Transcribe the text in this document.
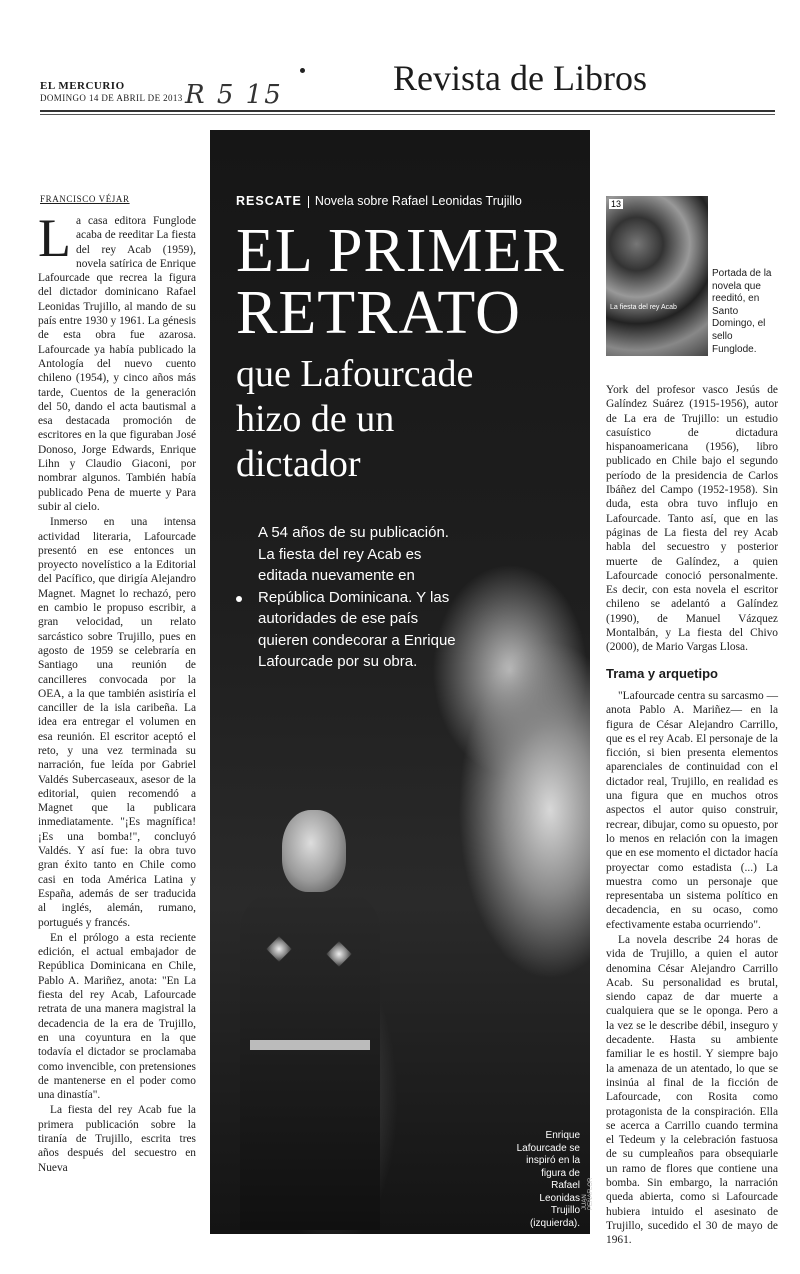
EL MERCURIO
DOMINGO 14 DE ABRIL DE 2013 R 5 15	Revista de Libros
FRANCISCO VÉJAR

La casa editora Funglode acaba de reeditar La fiesta del rey Acab (1959), novela satírica de Enrique Lafourcade que recrea la figura del dictador dominicano Rafael Leonidas Trujillo, al mando de su país entre 1930 y 1961. La génesis de esta obra fue azarosa. Lafourcade ya había publicado la Antología del nuevo cuento chileno (1954), y cinco años más tarde, Cuentos de la generación del 50, dando el acta bautismal a esa destacada promoción de escritores en la que figuraban José Donoso, Jorge Edwards, Enrique Lihn y Claudio Giaconi, por nombrar algunos. También había publicado Pena de muerte y Para subir al cielo.

Inmerso en una intensa actividad literaria, Lafourcade presentó en ese entonces un proyecto novelístico a la Editorial del Pacífico, que dirigía Alejandro Magnet. Magnet lo rechazó, pero en cambio le propuso escribir, a gran velocidad, un relato sarcástico sobre Trujillo, pues en agosto de 1959 se celebraría en Santiago una reunión de cancilleres convocada por la OEA, a la que también asistiría el canciller de la isla caribeña. La idea era entregar el volumen en esa reunión. El escritor aceptó el reto, y una vez terminada su narración, fue leída por Gabriel Valdés Subercaseaux, asesor de la editorial, quien recomendó a Magnet que la publicara inmediatamente. "¡Es magnífica! ¡Es una bomba!", concluyó Valdés. Y así fue: la obra tuvo gran éxito tanto en Chile como casi en toda América Latina y España, además de ser traducida al inglés, alemán, rumano, portugués y francés.

En el prólogo a esta reciente edición, el actual embajador de República Dominicana en Chile, Pablo A. Mariñez, anota: "En La fiesta del rey Acab, Lafourcade retrata de una manera magistral la decadencia de la era de Trujillo, en una coyuntura en la que todavía el dictador se proclamaba como invencible, con pretensiones de mantenerse en el poder como una dinastía".

La fiesta del rey Acab fue la primera publicación sobre la tiranía de Trujillo, escrita tres años después del secuestro en Nueva

RESCATE Novela sobre Rafael Leonidas Trujillo
EL PRIMER
RETRATO
que Lafourcade
hizo de un
dictador
A 54 años de su publicación. La fiesta del rey Acab es editada nuevamente en República Dominicana. Y las autoridades de ese país quieren condecorar a Enrique Lafourcade por su obra.
Enrique Lafourcade se inspiró en la figura de Rafael Leonidas Trujillo (izquierda).
JUAN PEÑAFLOR
13
La fiesta del rey Acab
Portada de la novela que reeditó, en Santo Domingo, el sello Funglode.

York del profesor vasco Jesús de Galíndez Suárez (1915-1956), autor de La era de Trujillo: un estudio casuístico de dictadura hispanoamericana (1956), libro publicado en Chile bajo el segundo período de la presidencia de Carlos Ibáñez del Campo (1952-1958). Sin duda, esta obra tuvo influjo en Lafourcade. Tanto así, que en las páginas de La fiesta del rey Acab habla del secuestro y posterior muerte de Galíndez, a quien Lafourcade conoció personalmente. Es decir, con esta novela el escritor chileno se adelantó a Galíndez (1990), de Manuel Vázquez Montalbán, y La fiesta del Chivo (2000), de Mario Vargas Llosa.

Trama y arquetipo

"Lafourcade centra su sarcasmo —anota Pablo A. Mariñez— en la figura de César Alejandro Carrillo, que es el rey Acab. El personaje de la ficción, si bien presenta elementos aparenciales de continuidad con el dictador real, Trujillo, en realidad es una figura que en muchos otros aspectos el autor quiso construir, recrear, dibujar, como su opuesto, por lo menos en relación con la imagen que en ese momento el dictador hacía proyectar como estadista (...) La muestra como un personaje que representaba un sistema político en decadencia, en su ocaso, como efectivamente estaba ocurriendo".

La novela describe 24 horas de vida de Trujillo, a quien el autor denomina César Alejandro Carrillo Acab. Su personalidad es brutal, siendo capaz de dar muerte a cualquiera que se le oponga. Pero a la vez se le describe débil, inseguro y decadente. Hasta su ambiente familiar le es hostil. Y siempre bajo la amenaza de un atentado, lo que se insinúa al final de la ficción de Lafourcade, con Rosita como protagonista de la conspiración. Ella se acerca a Carrillo cuando termina el Tedeum y la celebración fastuosa de su cumpleaños para obsequiarle un ramo de flores que contiene una bomba. Sin embargo, la narración queda abierta, como si Lafourcade hubiera intuido el asesinato de Trujillo, sucedido el 30 de mayo de 1961.
